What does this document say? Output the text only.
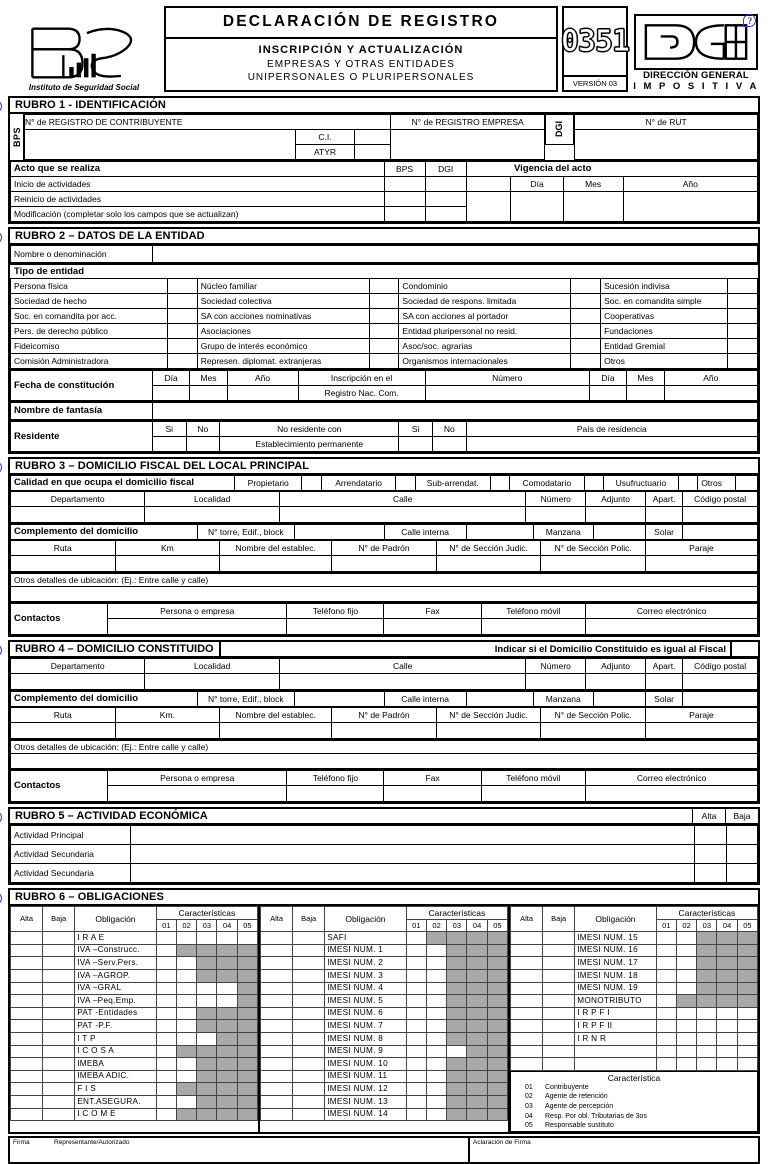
Instituto de Seguridad Social
DECLARACIÓN DE REGISTRO
INSCRIPCIÓN Y ACTUALIZACIÓN
EMPRESAS Y OTRAS ENTIDADES
UNIPERSONALES O PLURIPERSONALES
0351
VERSIÓN 03
DIRECCIÓN GENERAL
I M P O S I T I V A
?
RUBRO 1 - IDENTIFICACIÓN
BPS
N° de REGISTRO DE CONTRIBUYENTE			N° de REGISTRO EMPRESA	DGI	N° de RUT
	C.I.				
	ATYR				
Acto que se realiza	BPS	DGI		Vigencia del acto		
Inicio de actividades				Día	Mes	Año
Reinicio de actividades						
Modificación (completar solo los campos que se actualizan)						
RUBRO 2 – DATOS DE LA ENTIDAD
Nombre o denominación	
Tipo de entidad
Persona física		Núcleo familiar		Condominio		Sucesión indivisa	
Sociedad de hecho		Sociedad colectiva		Sociedad de respons. limitada		Soc. en comandita simple	
Soc. en comandita por acc.		SA con acciones nominativas		SA con acciones al portador		Cooperativas	
Pers. de derecho público		Asociaciones		Entidad pluripersonal no resid.		Fundaciones	
Fideicomiso		Grupo de interés económico		Asoc/soc. agrarias		Entidad Gremial	
Comisión Administradora		Represen. diplomat. extranjeras		Organismos internacionales		Otros	
Fecha de constitución	Día	Mes	Año	Inscripción en el	Número	Día	Mes	Año
				Registro Nac. Com.				
Nombre de fantasía	
Residente	Si	No	No residente con	Si	No	País de residencia
			Establecimiento permanente			
RUBRO 3 – DOMICILIO FISCAL DEL LOCAL PRINCIPAL
Calidad en que ocupa el domicilio fiscal	Propietario		Arrendatario		Sub-arrendat.		Comodatario		Usufructuario		Otros	
Departamento	Localidad	Calle	Número	Adjunto	Apart.	Código postal

Complemento del domicilio	N° torre, Edif., block		Calle interna		Manzana		Solar	
Ruta	Km	Nombre del establec.	N° de Padrón	N° de Sección Judic.	N° de Sección Polic.	Paraje

Otros detalles de ubicación: (Ej.: Entre calle y calle)

Contactos	Persona o empresa	Teléfono fijo	Fax	Teléfono móvil	Correo electrónico

RUBRO 4 – DOMICILIO CONSTITUIDO	Indicar si el Domicilio Constituido es igual al Fiscal
Departamento	Localidad	Calle	Número	Adjunto	Apart.	Código postal

Complemento del domicilio	N° torre, Edif., block		Calle interna		Manzana		Solar	
Ruta	Km.	Nombre del establec.	N° de Padrón	N° de Sección Judic.	N° de Sección Polic.	Paraje

Otros detalles de ubicación: (Ej.: Entre calle y calle)

Contactos	Persona o empresa	Teléfono fijo	Fax	Teléfono móvil	Correo electrónico

RUBRO 5 – ACTIVIDAD ECONÓMICA	Alta	Baja
Actividad Principal			
Actividad Secundaria			
Actividad Secundaria			
RUBRO 6 – OBLIGACIONES
Alta	Baja	Obligación	Características				
			01	02	03	04	05
		I R A E					
		IVA –Construcc.					
		IVA –Serv.Pers.					
		IVA –AGROP.					
		IVA –GRAL					
		IVA –Peq.Emp.					
		PAT -Entidades					
		PAT -P.F.					
		I T P					
		I C O S A					
		IMEBA					
		IMEBA ADIC.					
		F I S					
		ENT.ASEGURA.					
		I C O M E					
Alta	Baja	Obligación	Características				
			01	02	03	04	05
		SAFI					
		IMESI NUM. 1					
		IMESI NUM. 2					
		IMESI NUM. 3					
		IMESI NUM. 4					
		IMESI NUM. 5					
		IMESI NUM. 6					
		IMESI NUM. 7					
		IMESI NUM. 8					
		IMESI NUM. 9					
		IMESI NUM. 10					
		IMESI NUM. 11					
		IMESI NUM. 12					
		IMESI NUM. 13					
		IMESI NUM. 14					
Alta	Baja	Obligación	Características				
			01	02	03	04	05
		IMESI NUM. 15					
		IMESI NUM. 16					
		IMESI NUM. 17					
		IMESI NUM. 18					
		IMESI NUM. 19					
		MONOTRIBUTO					
		I R P F I					
		I R P F II					
		I R N R					

Característica
01	Contribuyente
02	Agente de retención
03	Agente de percepción
04	Resp. Por obl. Tributarias de 3os
05	Responsable sustituto
Firma	Representante/Autorizado	Aclaración de Firma
